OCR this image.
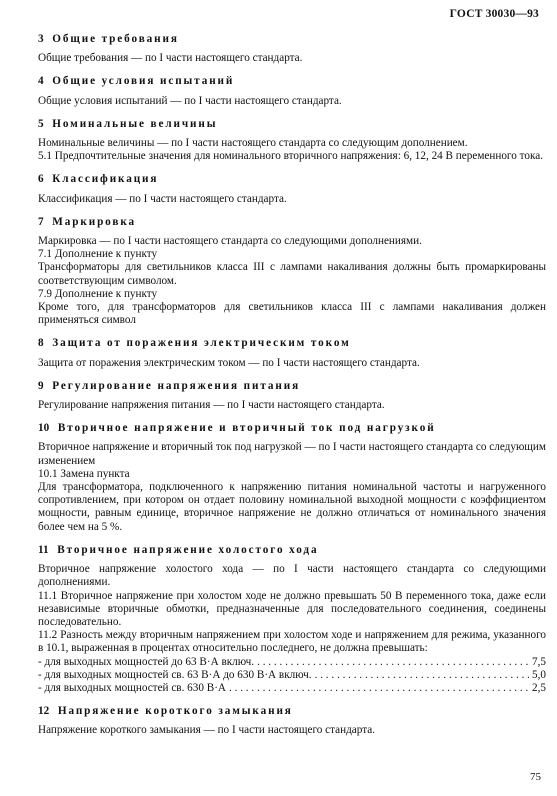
ГОСТ 30030—93
3 Общие требования

Общие требования — по I части настоящего стандарта.

4 Общие условия испытаний

Общие условия испытаний — по I части настоящего стандарта.

5 Номинальные величины

Номинальные величины — по I части настоящего стандарта со следующим дополнением.

5.1 Предпочтительные значения для номинального вторичного напряжения: 6, 12, 24 В переменного тока.

6 Классификация

Классификация — по I части настоящего стандарта.

7 Маркировка

Маркировка — по I части настоящего стандарта со следующими дополнениями.

7.1 Дополнение к пункту

Трансформаторы для светильников класса III с лампами накаливания должны быть промаркированы соответствующим символом.

7.9 Дополнение к пункту

Кроме того, для трансформаторов для светильников класса III с лампами накаливания должен применяться символ

8 Защита от поражения электрическим током

Защита от поражения электрическим током — по I части настоящего стандарта.

9 Регулирование напряжения питания

Регулирование напряжения питания — по I части настоящего стандарта.

10 Вторичное напряжение и вторичный ток под нагрузкой

Вторичное напряжение и вторичный ток под нагрузкой — по I части настоящего стандарта со следующим изменением

10.1 Замена пункта

Для трансформатора, подключенного к напряжению питания номинальной частоты и нагруженного сопротивлением, при котором он отдает половину номинальной выходной мощности с коэффициентом мощности, равным единице, вторичное напряжение не должно отличаться от номинального значения более чем на 5 %.

11 Вторичное напряжение холостого хода

Вторичное напряжение холостого хода — по I части настоящего стандарта со следующими дополнениями.

11.1 Вторичное напряжение при холостом ходе не должно превышать 50 В переменного тока, даже если независимые вторичные обмотки, предназначенные для последовательного соединения, соединены последовательно.

11.2 Разность между вторичным напряжением при холостом ходе и напряжением для режима, указанного в 10.1, выраженная в процентах относительно последнего, не должна превышать:

- для выходных мощностей до 63 В·А включ. . . .	7,5
- для выходных мощностей св. 63 В·А до 630 В·А включ. . . .	5,0
- для выходных мощностей св. 630 В·А . . .	2,5
12 Напряжение короткого замыкания

Напряжение короткого замыкания — по I части настоящего стандарта.

75
